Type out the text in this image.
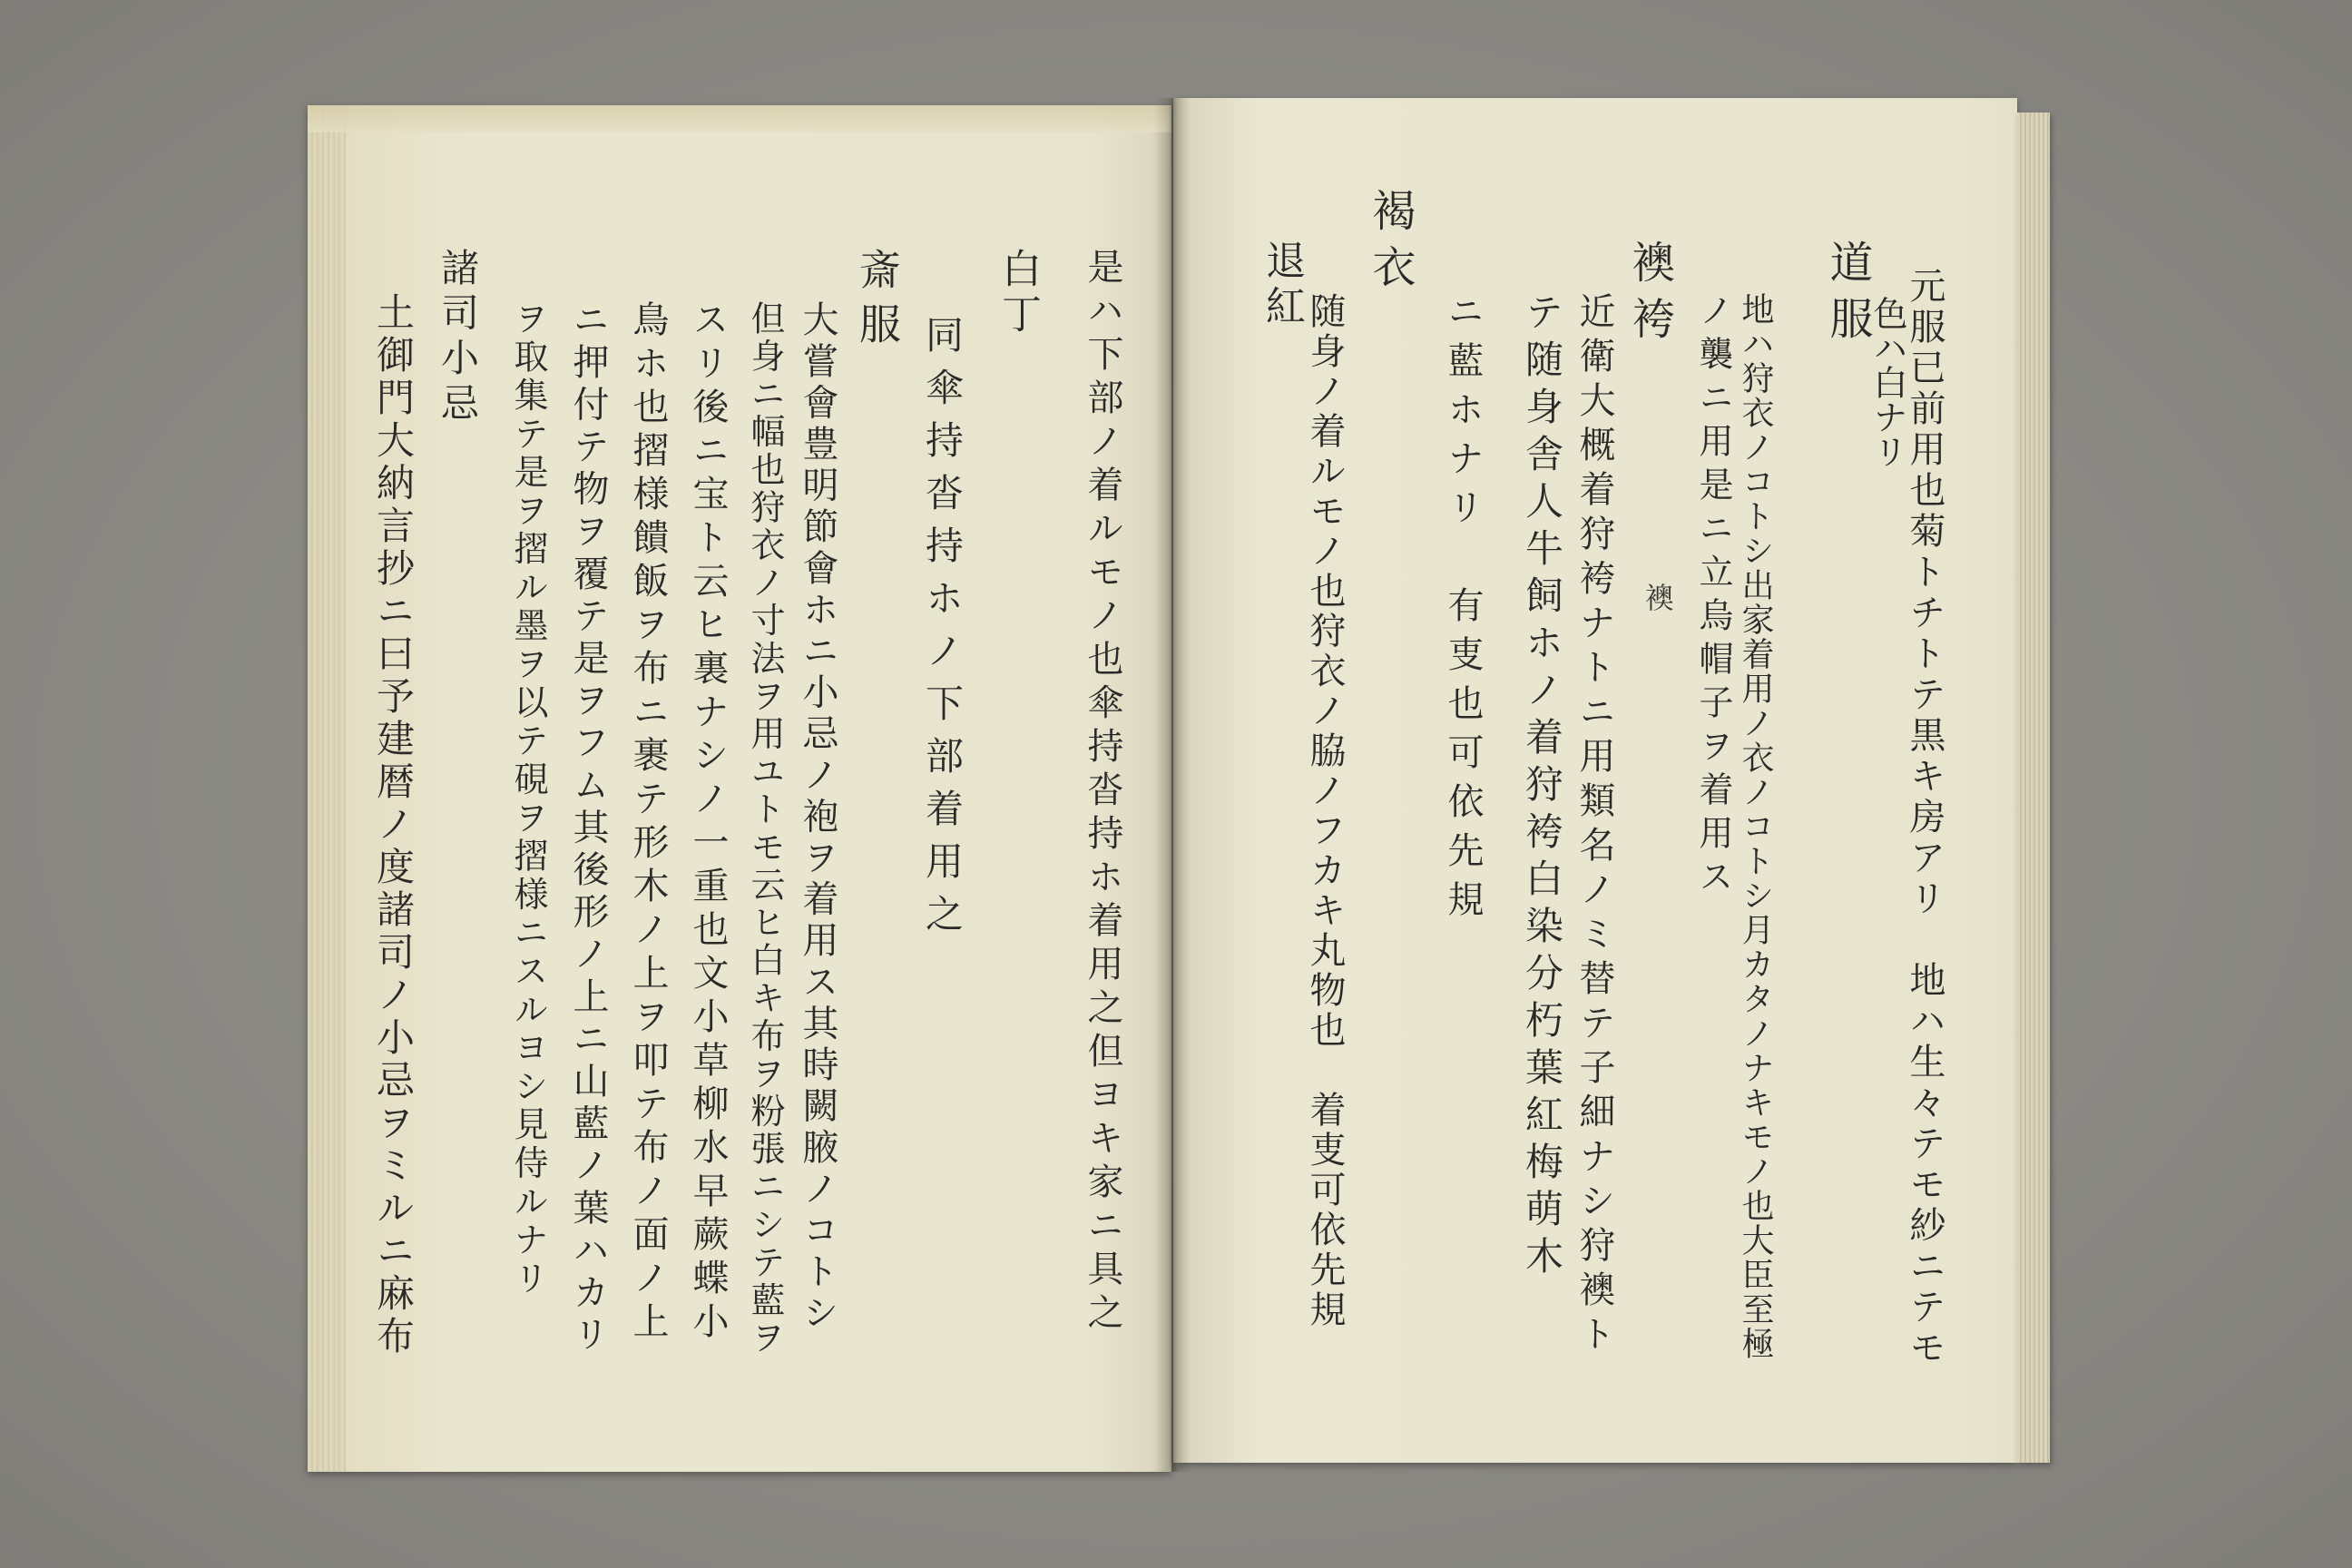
元服已前用也菊トチトテ黒キ房アリ　地ハ生々テモ紗ニテモ
色ハ白ナリ
道服
地ハ狩衣ノコトシ出家着用ノ衣ノコトシ月カタノナキモノ也大臣至極
ノ襲ニ用是ニ立烏帽子ヲ着用ス
襖袴
襖
近衛大概着狩袴ナトニ用類名ノミ替テ子細ナシ狩襖ト
テ随身舎人牛飼ホノ着狩袴白染分朽葉紅梅萌木
ニ藍ホナリ　有叓也可依先規
褐衣
随身ノ着ルモノ也狩衣ノ脇ノフカキ丸物也　着叓可依先規
退紅
是ハ下部ノ着ルモノ也傘持沓持ホ着用之但ヨキ家ニ具之
白丁
同傘持沓持ホノ下部着用之
斎服
大嘗會豊明節會ホニ小忌ノ袍ヲ着用ス其時闕腋ノコトシ
但身ニ幅也狩衣ノ寸法ヲ用ユトモ云ヒ白キ布ヲ粉張ニシテ藍ヲ
スリ後ニ宝ト云ヒ裏ナシノ一重也文小草柳水早蕨蝶小
鳥ホ也摺様饋飯ヲ布ニ裹テ形木ノ上ヲ叩テ布ノ面ノ上
ニ押付テ物ヲ覆テ是ヲフム其後形ノ上ニ山藍ノ葉ハカリ
ヲ取集テ是ヲ摺ル墨ヲ以テ硯ヲ摺様ニスルヨシ見侍ルナリ
諸司小忌
土御門大納言抄ニ曰予建暦ノ度諸司ノ小忌ヲミルニ麻布
